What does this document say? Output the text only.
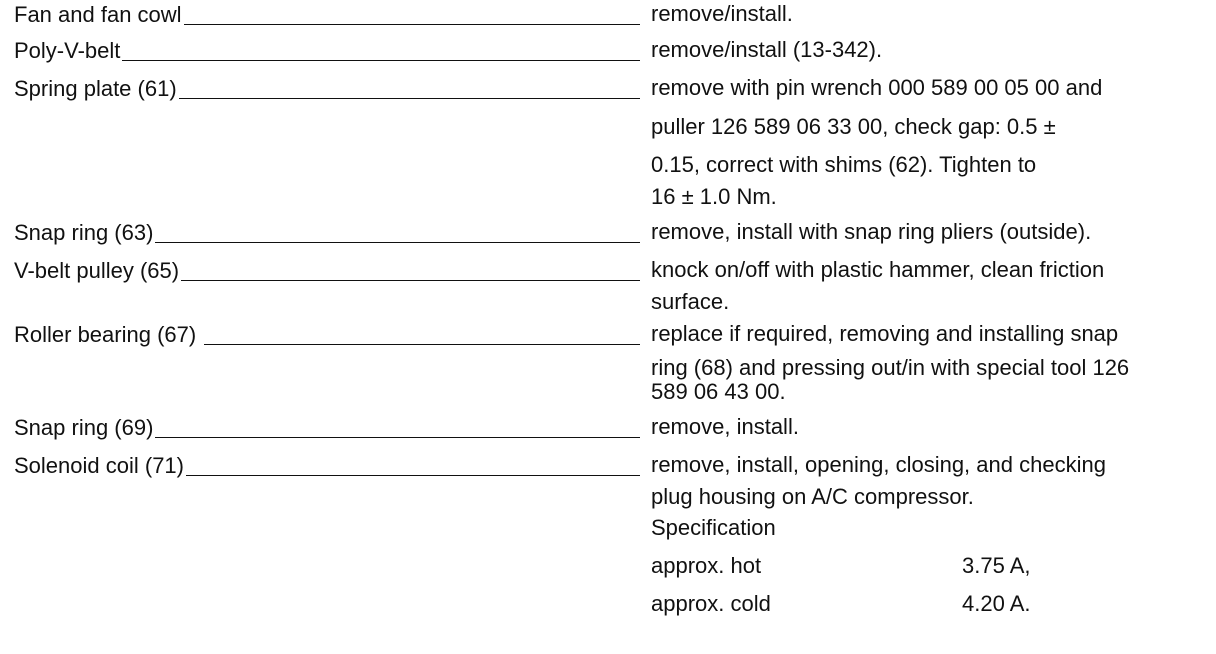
Fan and fan cowl	remove/install.
Poly-V-belt	remove/install (13-342).
Spring plate (61)	remove with pin wrench 000 589 00 05 00 and
puller 126 589 06 33 00, check gap: 0.5 ±
0.15, correct with shims (62). Tighten to
16 ± 1.0 Nm.
Snap ring (63)	remove, install with snap ring pliers (outside).
V-belt pulley (65)	knock on/off with plastic hammer, clean friction
surface.
Roller bearing (67)	replace if required, removing and installing snap
ring (68) and pressing out/in with special tool 126
589 06 43 00.
Snap ring (69)	remove, install.
Solenoid coil (71)	remove, install, opening, closing, and checking
plug housing on A/C compressor.
Specification
approx. hot	3.75 A,
approx. cold	4.20 A.
